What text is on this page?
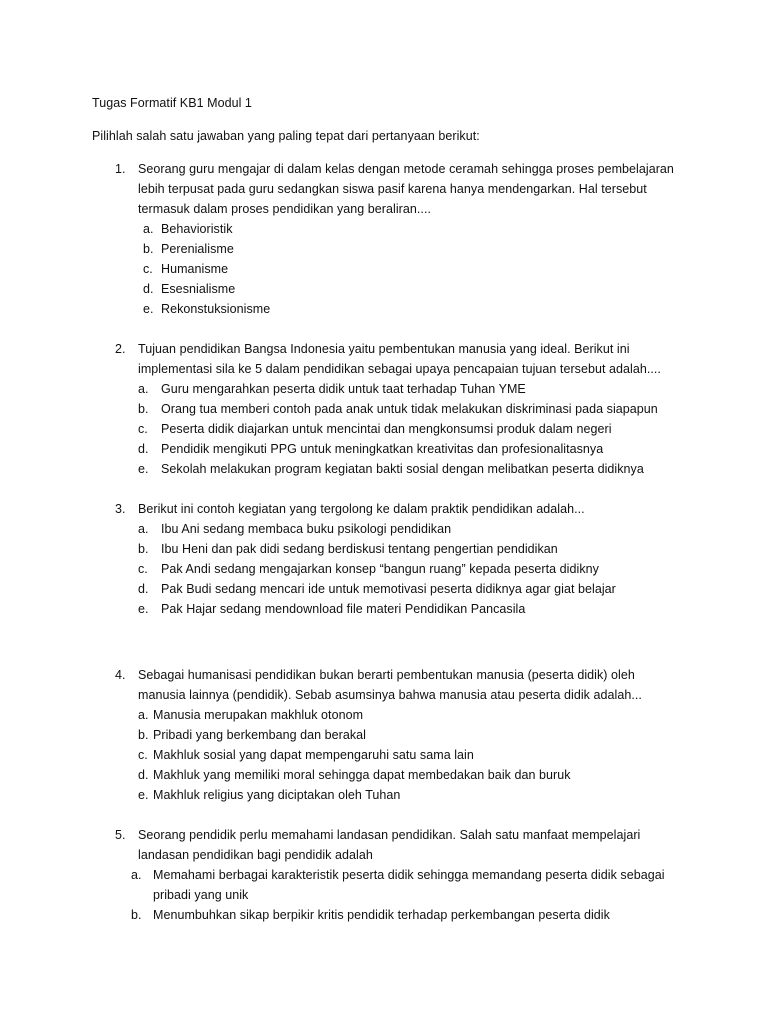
Tugas Formatif KB1 Modul 1
Pilihlah salah satu jawaban yang paling tepat dari pertanyaan berikut:
1. Seorang guru mengajar di dalam kelas dengan metode ceramah sehingga proses pembelajaran
lebih terpusat pada guru sedangkan siswa pasif karena hanya mendengarkan. Hal tersebut
termasuk dalam proses pendidikan yang beraliran....
a. Behavioristik
b. Perenialisme
c. Humanisme
d. Esesnialisme
e. Rekonstuksionisme
2. Tujuan pendidikan Bangsa Indonesia yaitu pembentukan manusia yang ideal. Berikut ini
implementasi sila ke 5 dalam pendidikan sebagai upaya pencapaian tujuan tersebut adalah....
a. Guru mengarahkan peserta didik untuk taat terhadap Tuhan YME
b. Orang tua memberi contoh pada anak untuk tidak melakukan diskriminasi pada siapapun
c. Peserta didik diajarkan untuk mencintai dan mengkonsumsi produk dalam negeri
d. Pendidik mengikuti PPG untuk meningkatkan kreativitas dan profesionalitasnya
e. Sekolah melakukan program kegiatan bakti sosial dengan melibatkan peserta didiknya
3. Berikut ini contoh kegiatan yang tergolong ke dalam praktik pendidikan adalah...
a. Ibu Ani sedang membaca buku psikologi pendidikan
b. Ibu Heni dan pak didi sedang berdiskusi tentang pengertian pendidikan
c. Pak Andi sedang mengajarkan konsep “bangun ruang” kepada peserta didikny
d. Pak Budi sedang mencari ide untuk memotivasi peserta didiknya agar giat belajar
e. Pak Hajar sedang mendownload file materi Pendidikan Pancasila
4. Sebagai humanisasi pendidikan bukan berarti pembentukan manusia (peserta didik) oleh
manusia lainnya (pendidik). Sebab asumsinya bahwa manusia atau peserta didik adalah...
a. Manusia merupakan makhluk otonom
b. Pribadi yang berkembang dan berakal
c. Makhluk sosial yang dapat mempengaruhi satu sama lain
d. Makhluk yang memiliki moral sehingga dapat membedakan baik dan buruk
e. Makhluk religius yang diciptakan oleh Tuhan
5. Seorang pendidik perlu memahami landasan pendidikan. Salah satu manfaat mempelajari
landasan pendidikan bagi pendidik adalah
a. Memahami berbagai karakteristik peserta didik sehingga memandang peserta didik sebagai
pribadi yang unik
b. Menumbuhkan sikap berpikir kritis pendidik terhadap perkembangan peserta didik
